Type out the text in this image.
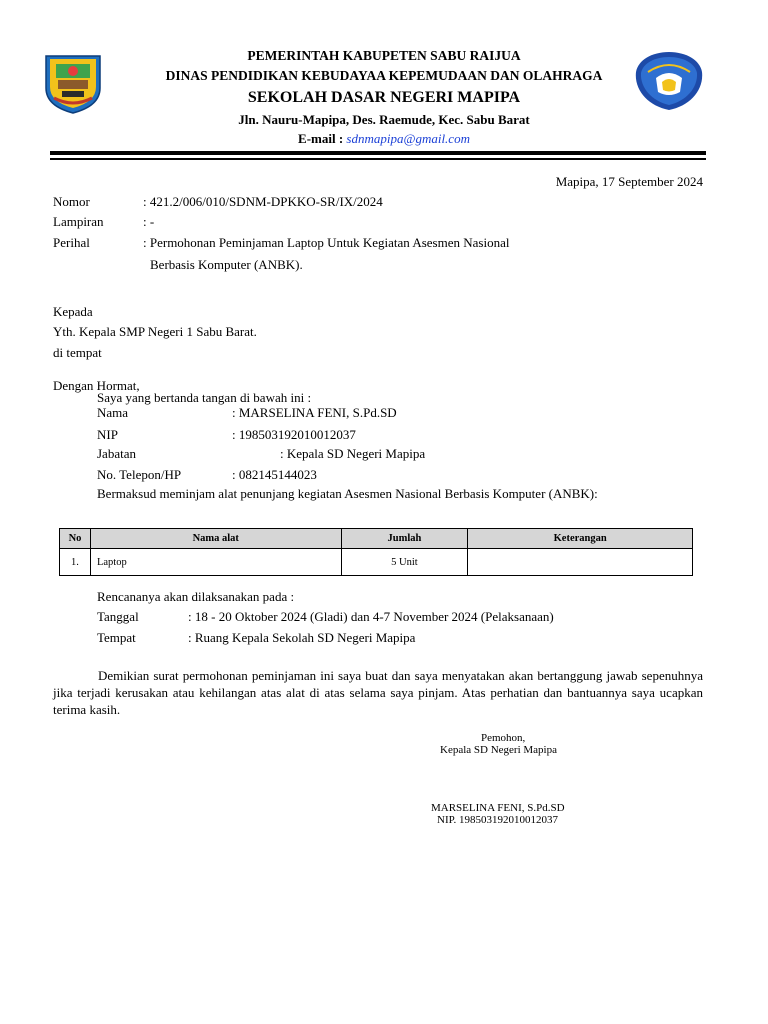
PEMERINTAH KABUPETEN SABU RAIJUA
DINAS PENDIDIKAN KEBUDAYAA KEPEMUDAAN DAN OLAHRAGA
SEKOLAH DASAR NEGERI MAPIPA
Jln. Nauru-Mapipa, Des. Raemude, Kec. Sabu Barat
E-mail : sdnmapipa@gmail.com
Mapipa, 17 September 2024
Nomor	: 421.2/006/010/SDNM-DPKKO-SR/IX/2024
Lampiran	: -
Perihal	: Permohonan Peminjaman Laptop Untuk Kegiatan Asesmen Nasional
Berbasis Komputer (ANBK).
Kepada
Yth. Kepala SMP Negeri 1 Sabu Barat.
di tempat
Dengan Hormat,
Saya yang bertanda tangan di bawah ini :
Nama	: MARSELINA FENI, S.Pd.SD
NIP	: 198503192010012037
Jabatan	: Kepala SD Negeri Mapipa
No. Telepon/HP	: 082145144023
Bermaksud meminjam alat penunjang kegiatan Asesmen Nasional Berbasis Komputer (ANBK):
No	Nama alat	Jumlah	Keterangan
1.	Laptop	5 Unit	
Rencananya akan dilaksanakan pada :
Tanggal	: 18 - 20 Oktober 2024 (Gladi) dan 4-7 November 2024 (Pelaksanaan)
Tempat	: Ruang Kepala Sekolah SD Negeri Mapipa
Demikian surat permohonan peminjaman ini saya buat dan saya menyatakan akan bertanggung jawab sepenuhnya jika terjadi kerusakan atau kehilangan atas alat di atas selama saya pinjam. Atas perhatian dan bantuannya saya ucapkan terima kasih.
Pemohon,
Kepala SD Negeri Mapipa
MARSELINA FENI, S.Pd.SD
NIP. 198503192010012037
